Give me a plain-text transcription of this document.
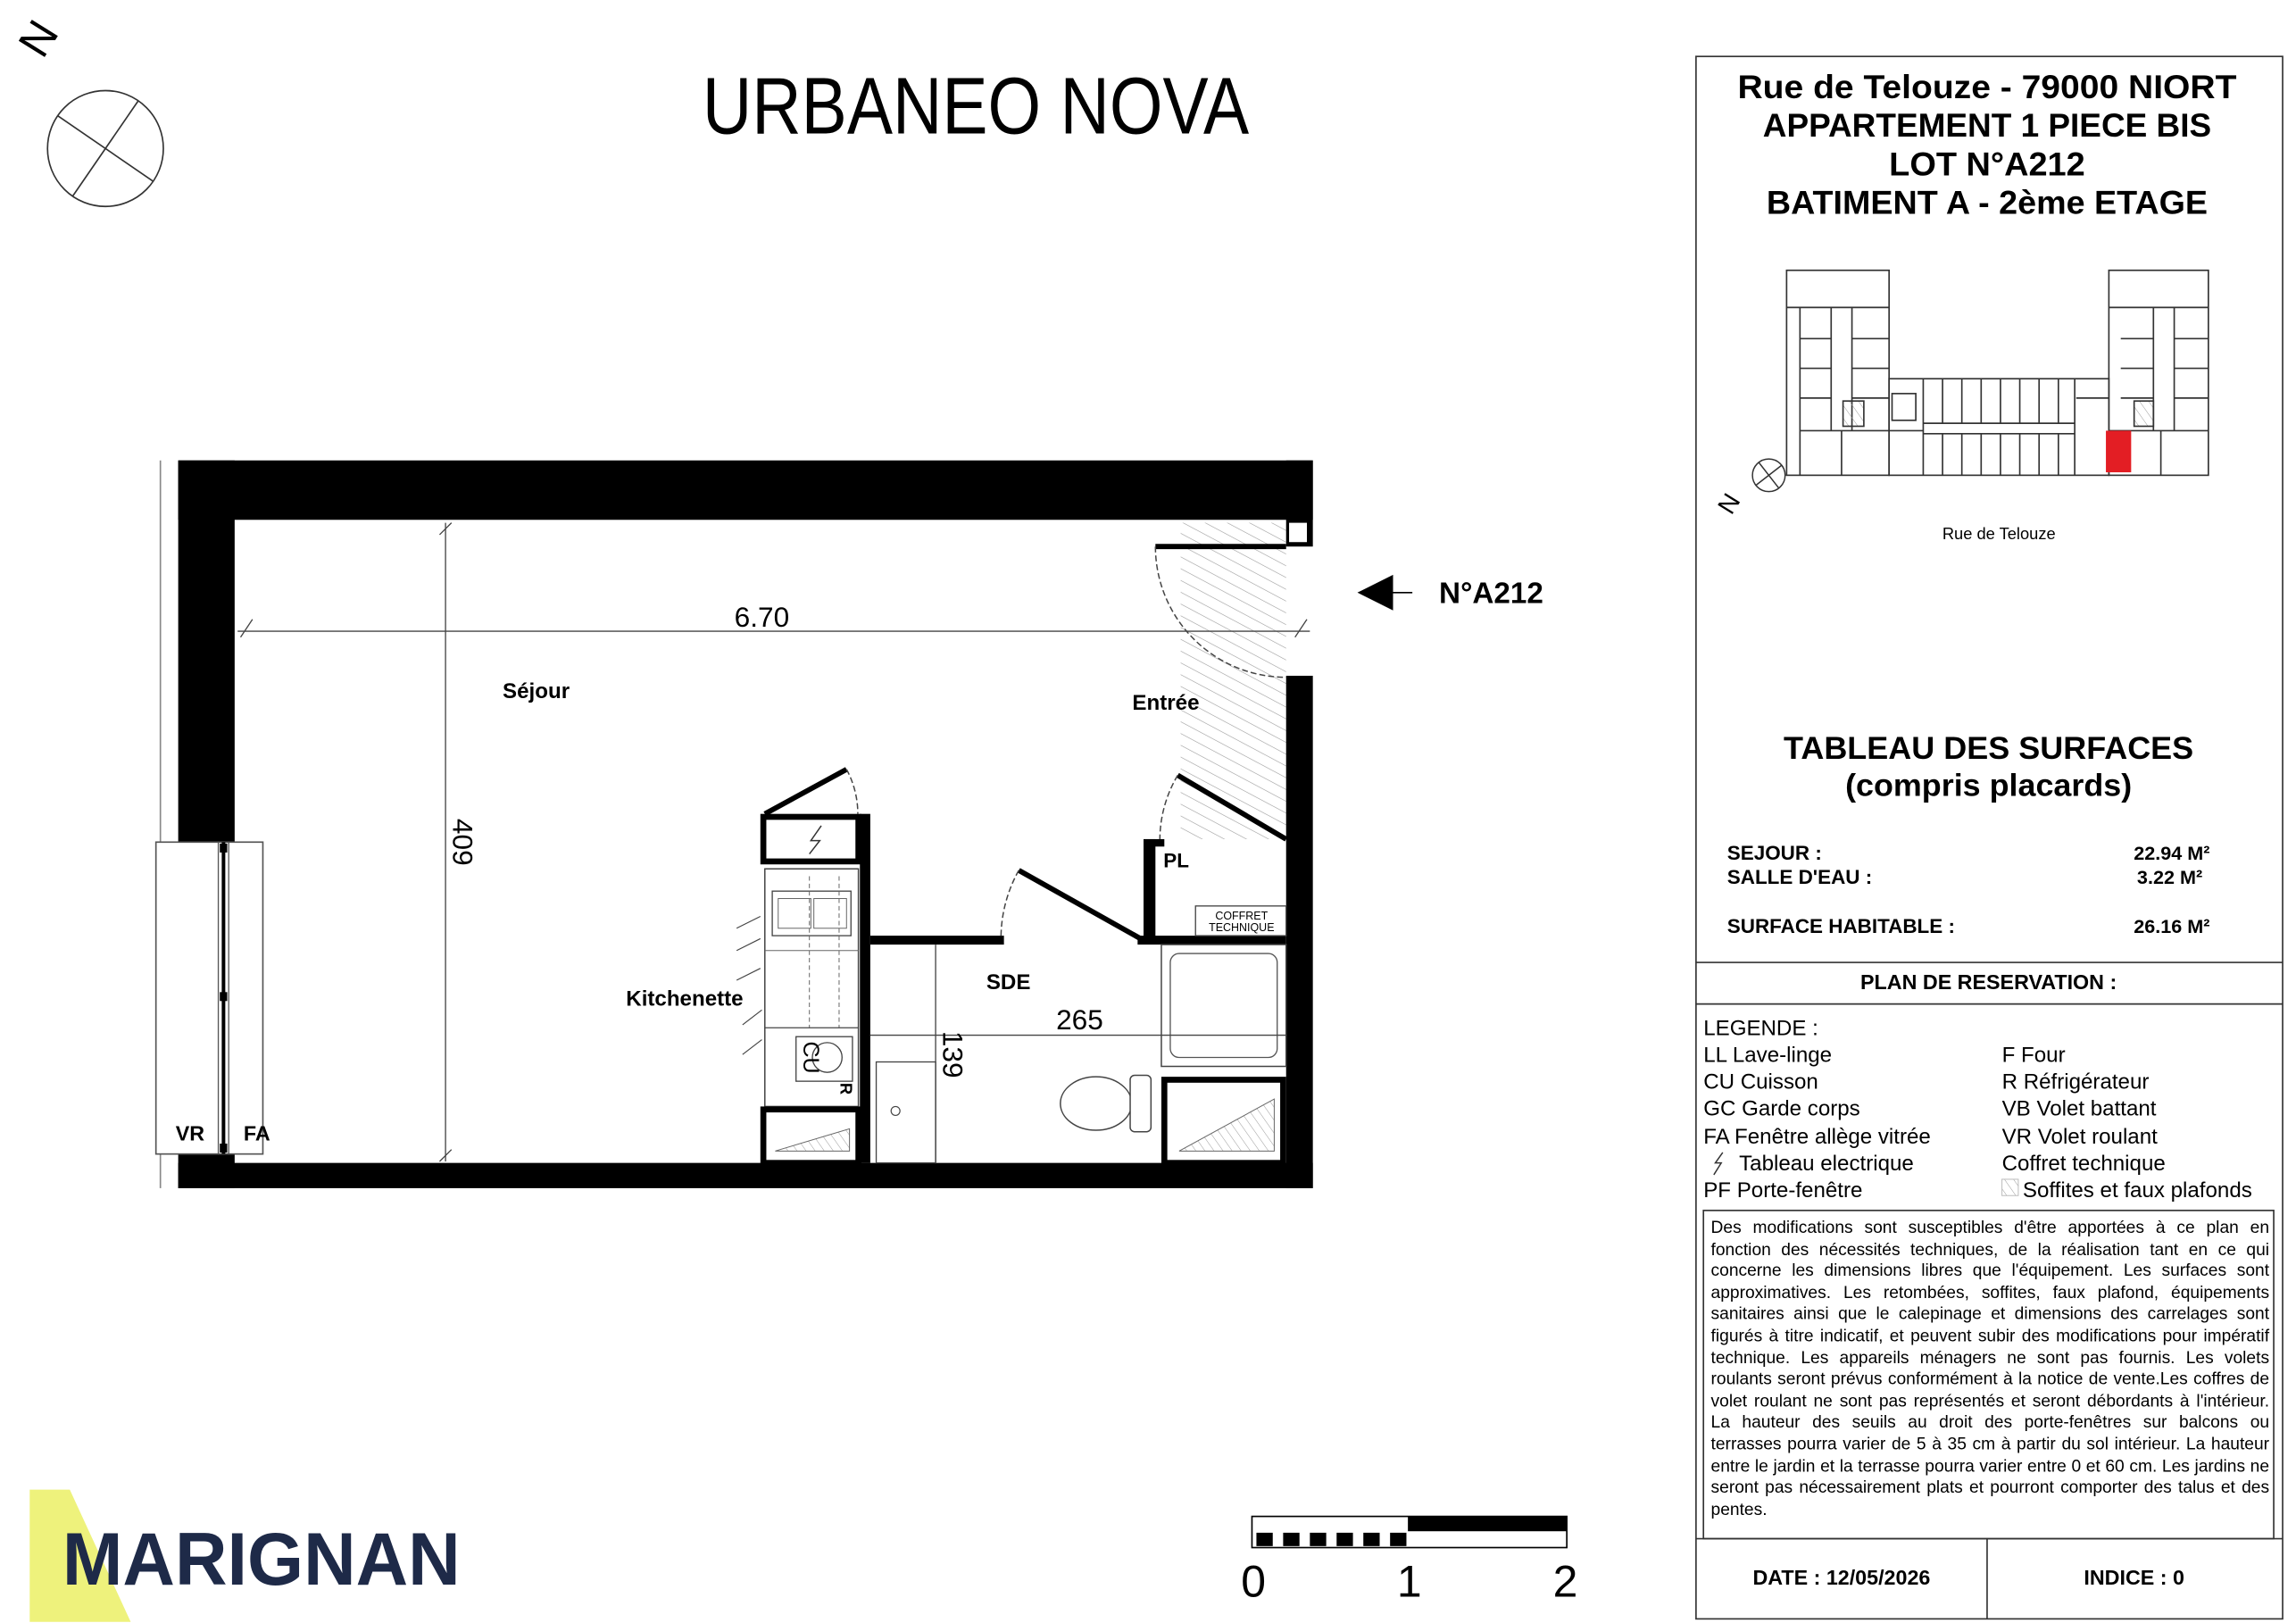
N
URBANEO NOVA
VR	FA
6.70
409
Séjour	Entrée
Kitchenette
SDE
PL
N°A212
CU
R
COFFRET
TECHNIQUE
265
139
0	1	2
MARIGNAN
Rue de Telouze - 79000 NIORT
APPARTEMENT 1 PIECE BIS
LOT N°A212
BATIMENT A - 2ème ETAGE
N
Rue de Telouze
TABLEAU DES SURFACES
(compris placards)
SEJOUR :	22.94 M²
SALLE D'EAU :	3.22 M²
SURFACE HABITABLE :	26.16 M²
PLAN DE RESERVATION :
LEGENDE :
LL Lave-linge
CU Cuisson
GC Garde corps
FA Fenêtre allège vitrée
Tableau electrique
PF Porte-fenêtre
F Four
R Réfrigérateur
VB Volet battant
VR Volet roulant
Coffret technique
Soffites et faux plafonds
DATE : 12/05/2026	INDICE : 0

Des modifications sont susceptibles d'être apportées à ce plan en fonction des nécessités techniques, de la réalisation tant en ce qui concerne les dimensions libres que l'équipement. Les surfaces sont approximatives. Les retombées, soffites, faux plafond, équipements sanitaires ainsi que le calepinage et dimensions des carrelages sont figurés à titre indicatif, et peuvent subir des modifications pour impératif technique. Les appareils ménagers ne sont pas fournis. Les volets roulants seront prévus conformément à la notice de vente.Les coffres de volet roulant ne sont pas représentés et seront débordants à l'intérieur. La hauteur des seuils au droit des porte-fenêtres sur balcons ou terrasses pourra varier de 5 à 35 cm à partir du sol intérieur. La hauteur entre le jardin et la terrasse pourra varier entre 0 et 60 cm. Les jardins ne seront pas nécessairement plats et pourront comporter des talus et des pentes.
